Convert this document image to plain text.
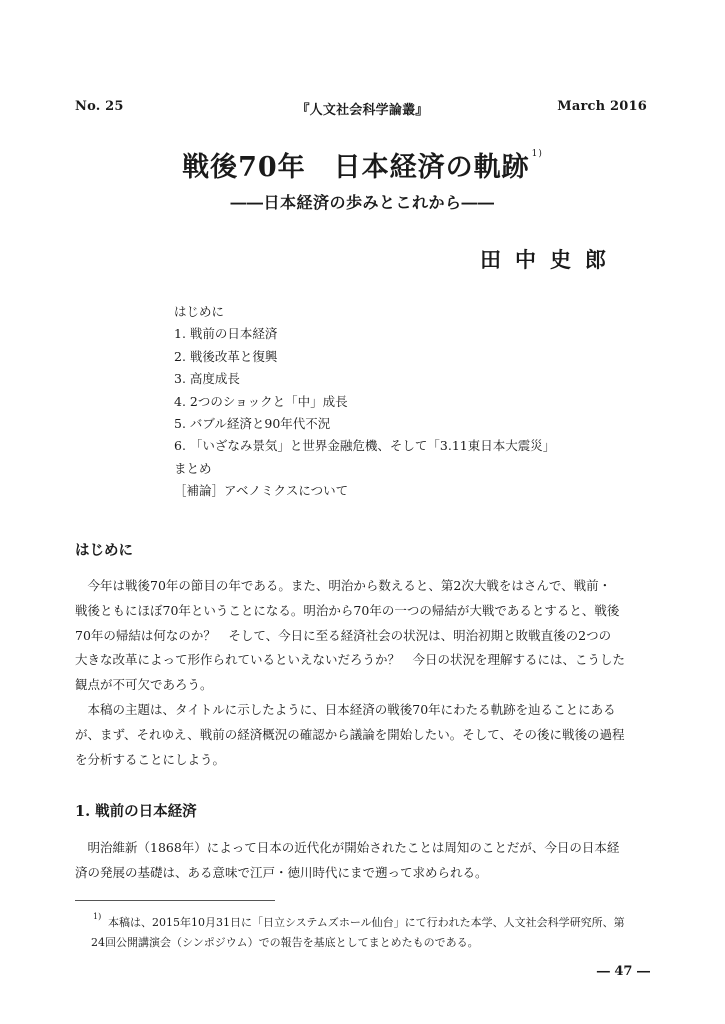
No. 25	『人文社会科学論叢』	March 2016
戦後70年　日本経済の軌跡 $^{1)}$
――日本経済の歩みとこれから――
田中史郎
はじめに
1. 戦前の日本経済
2. 戦後改革と復興
3. 高度成長
4. 2つのショックと「中」成長
5. バブル経済と90年代不況
6. 「いざなみ景気」と世界金融危機、そして「3.11東日本大震災」
まとめ
［補論］アベノミクスについて
はじめに
今年は戦後70年の節目の年である。また、明治から数えると、第2次大戦をはさんで、戦前・
戦後ともにほぼ70年ということになる。明治から70年の一つの帰結が大戦であるとすると、戦後
70年の帰結は何なのか？　そして、今日に至る経済社会の状況は、明治初期と敗戦直後の2つの
大きな改革によって形作られているといえないだろうか？　今日の状況を理解するには、こうした
観点が不可欠であろう。
本稿の主題は、タイトルに示したように、日本経済の戦後70年にわたる軌跡を辿ることにある
が、まず、それゆえ、戦前の経済概況の確認から議論を開始したい。そして、その後に戦後の過程
を分析することにしよう。
1. 戦前の日本経済
明治維新（1868年）によって日本の近代化が開始されたことは周知のことだが、今日の日本経
済の発展の基礎は、ある意味で江戸・徳川時代にまで遡って求められる。
1) 本稿は、2015年10月31日に「日立システムズホール仙台」にて行われた本学、人文社会科学研究所、第
24回公開講演会（シンポジウム）での報告を基底としてまとめたものである。
― 47 ―
